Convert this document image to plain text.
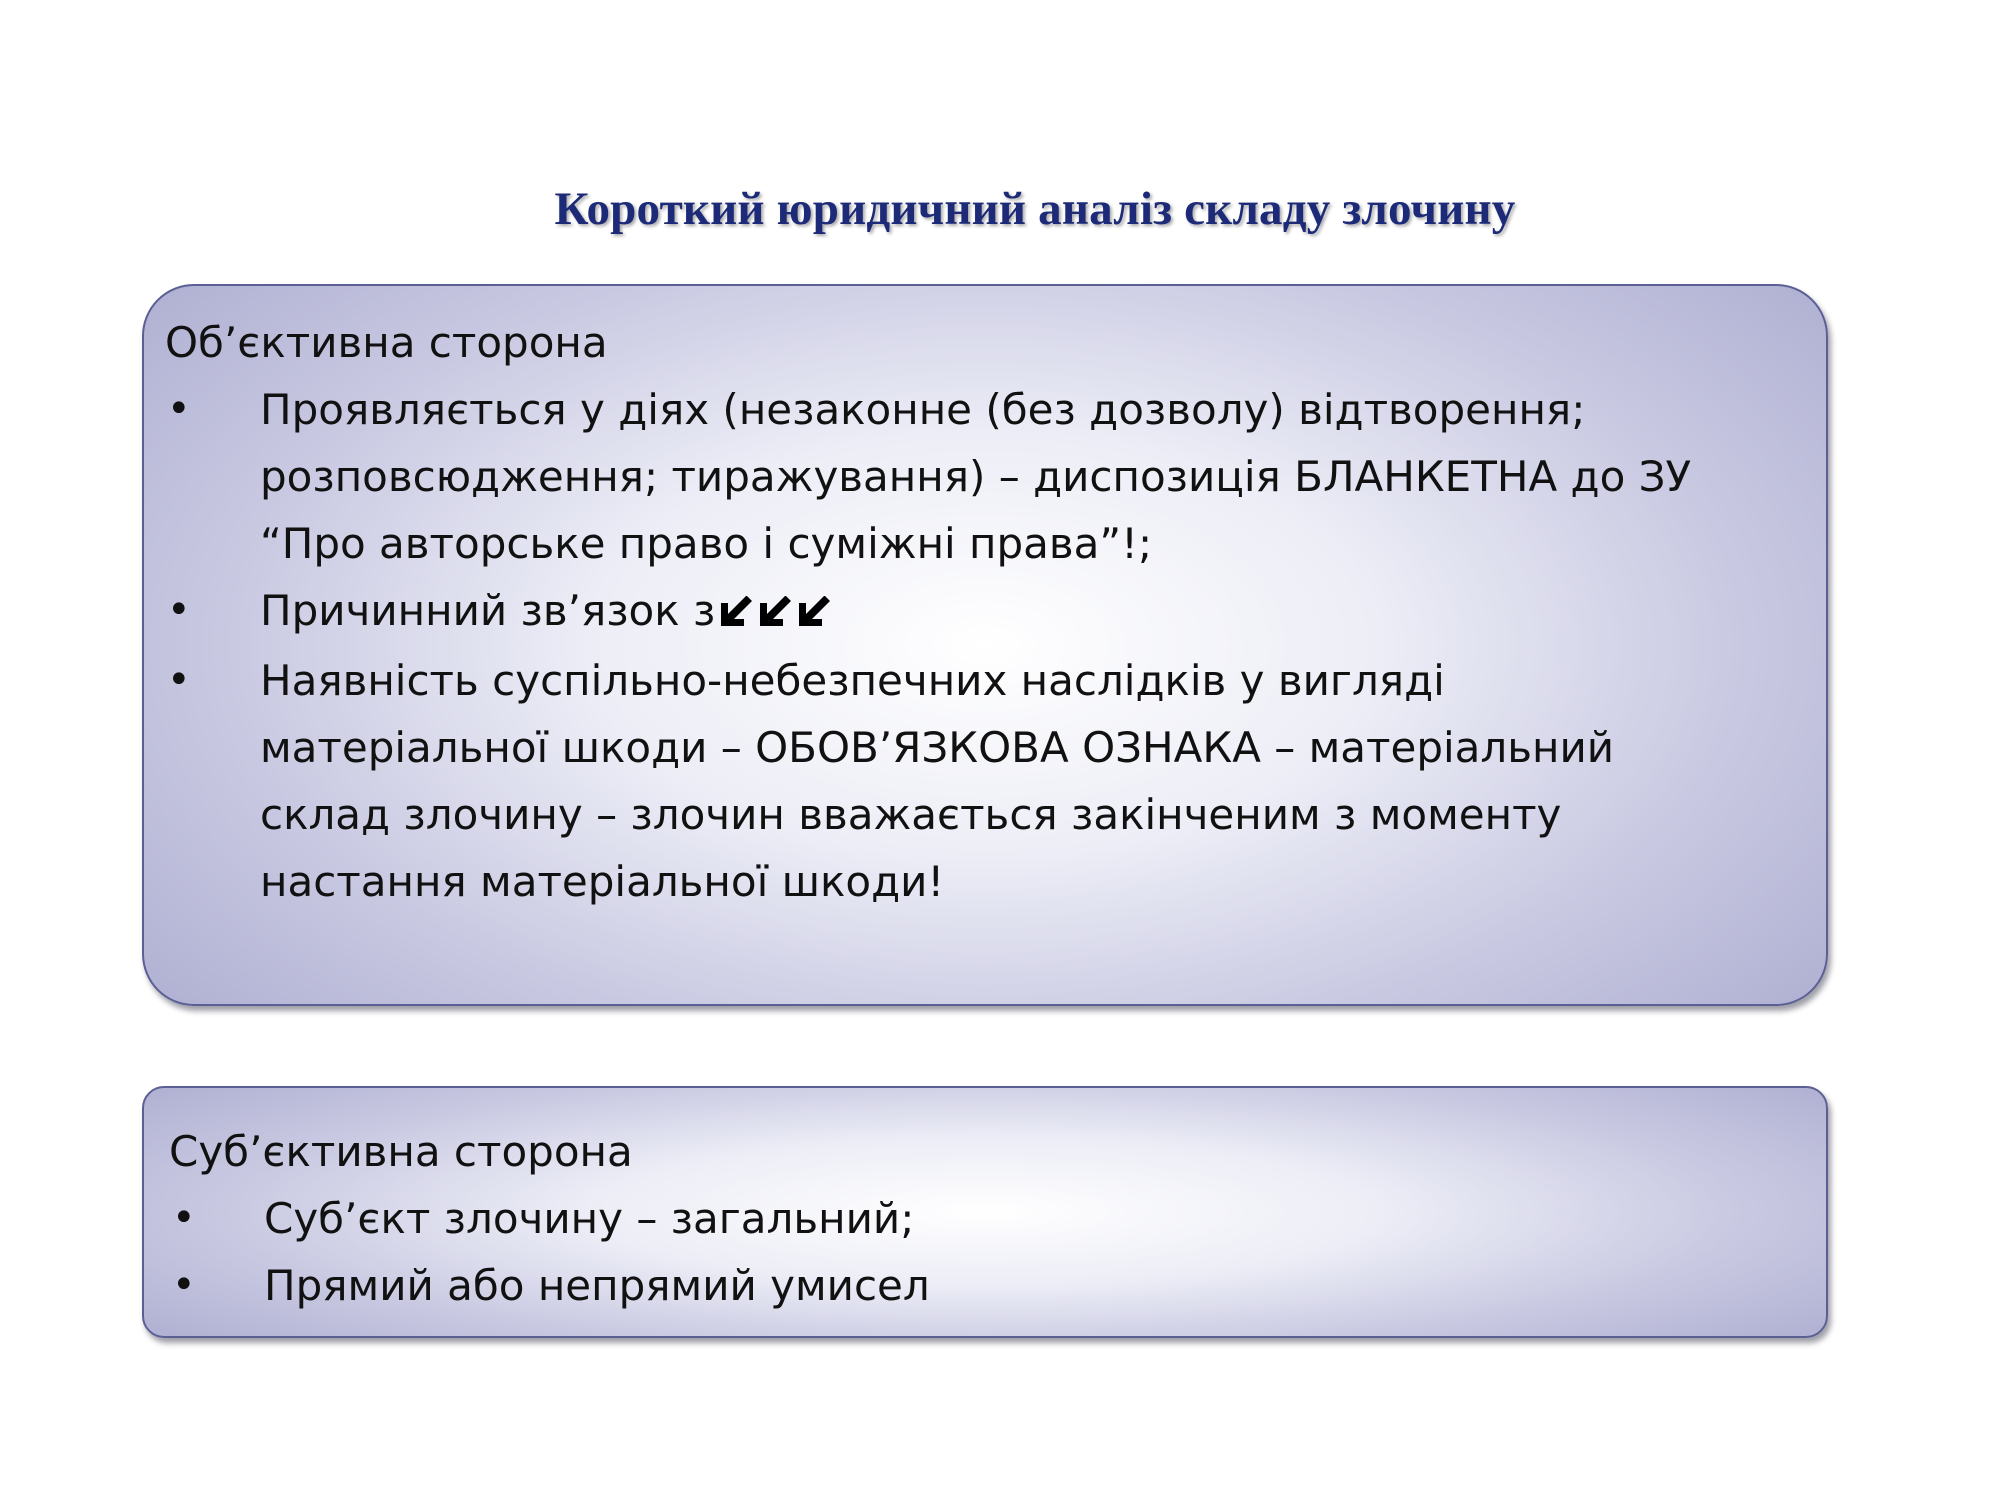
Короткий юридичний аналіз складу злочину
Об’єктивна сторона
• Проявляється у діях (незаконне (без дозволу) відтворення;
розповсюдження; тиражування) – диспозиція БЛАНКЕТНА до ЗУ
“Про авторське право і суміжні права”!;
• Причинний зв’язок з
• Наявність суспільно-небезпечних наслідків у вигляді
матеріальної шкоди – ОБОВ’ЯЗКОВА ОЗНАКА – матеріальний
склад злочину – злочин вважається закінченим з моменту
настання матеріальної шкоди!
Суб’єктивна сторона
• Суб’єкт злочину – загальний;
• Прямий або непрямий умисел
